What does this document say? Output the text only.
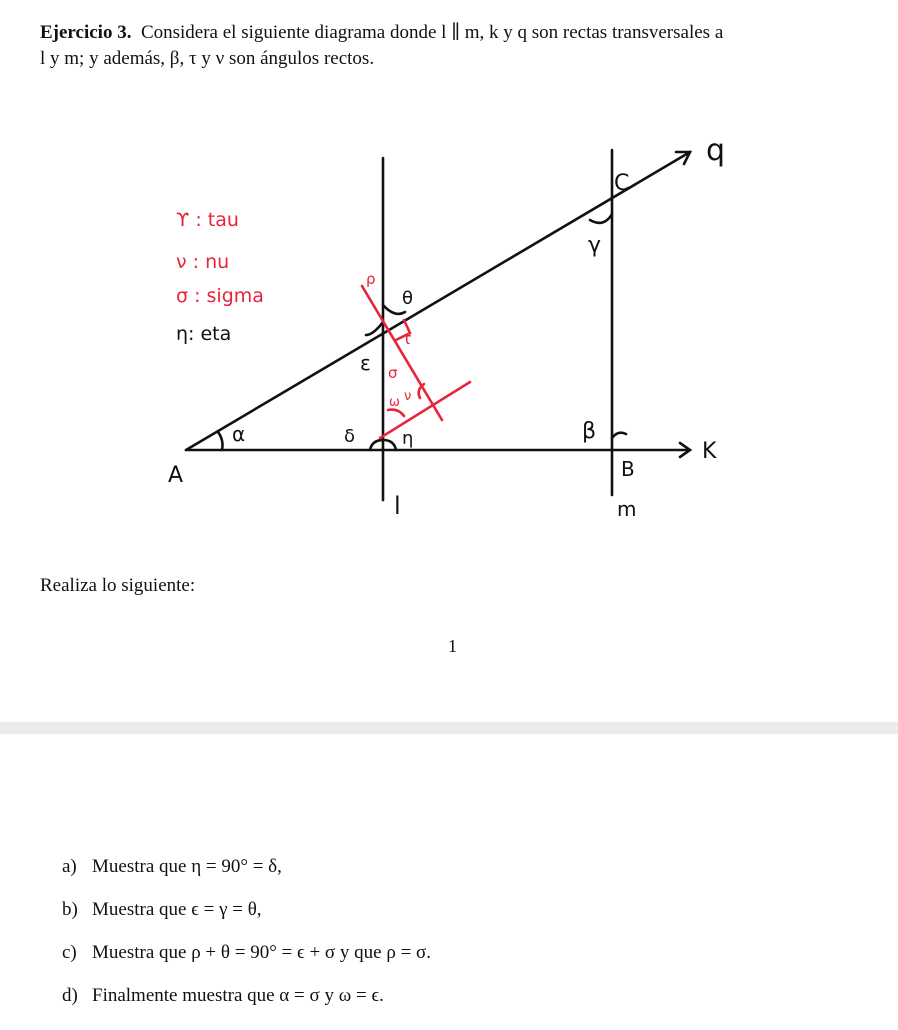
Ejercicio 3. Considera el siguiente diagrama donde l ∥ m, k y q son rectas transversales a
l y m; y además, β, τ y ν son ángulos rectos.
q
C
γ
θ
ε
α	δ	η	β
K
A	B
l	m
ϒ : tau
ν : nu
σ : sigma
ρ
τ
σ
ω ν
η: eta
Realiza lo siguiente:
1
a) Muestra que η = 90° = δ,
b) Muestra que ϵ = γ = θ,
c) Muestra que ρ + θ = 90° = ϵ + σ y que ρ = σ.
d) Finalmente muestra que α = σ y ω = ϵ.
